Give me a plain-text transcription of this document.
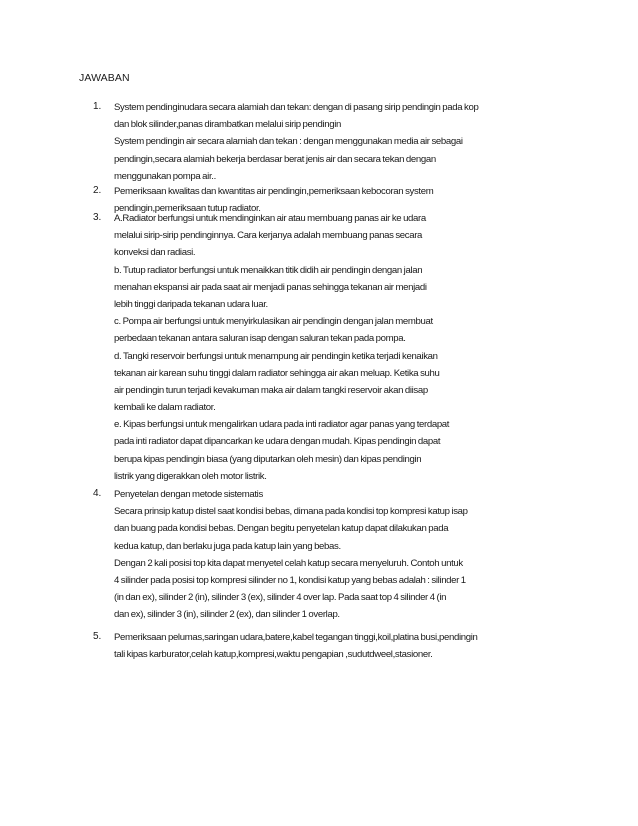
JAWABAN
1. System pendinginudara secara alamiah dan tekan: dengan di pasang sirip pendingin pada kop
dan blok silinder,panas dirambatkan melalui sirip pendingin
System pendingin air secara alamiah dan tekan : dengan menggunakan media air sebagai
pendingin,secara alamiah bekerja berdasar berat jenis air dan secara tekan dengan
menggunakan pompa air..
2. Pemeriksaan kwalitas dan kwantitas air pendingin,pemeriksaan kebocoran system
pendingin,pemeriksaan tutup radiator.
3. A.Radiator berfungsi untuk mendinginkan air atau membuang panas air ke udara
melalui sirip-sirip pendinginnya. Cara kerjanya adalah membuang panas secara
konveksi dan radiasi.
b. Tutup radiator berfungsi untuk menaikkan titik didih air pendingin dengan jalan
menahan ekspansi air pada saat air menjadi panas sehingga tekanan air menjadi
lebih tinggi daripada tekanan udara luar.
c. Pompa air berfungsi untuk menyirkulasikan air pendingin dengan jalan membuat
perbedaan tekanan antara saluran isap dengan saluran tekan pada pompa.
d. Tangki reservoir berfungsi untuk menampung air pendingin ketika terjadi kenaikan
tekanan air karean suhu tinggi dalam radiator sehingga air akan meluap. Ketika suhu
air pendingin turun terjadi kevakuman maka air dalam tangki reservoir akan diisap
kembali ke dalam radiator.
e. Kipas berfungsi untuk mengalirkan udara pada inti radiator agar panas yang terdapat
pada inti radiator dapat dipancarkan ke udara dengan mudah. Kipas pendingin dapat
berupa kipas pendingin biasa (yang diputarkan oleh mesin) dan kipas pendingin
listrik yang digerakkan oleh motor listrik.
4. Penyetelan dengan metode sistematis
Secara prinsip katup distel saat kondisi bebas, dimana pada kondisi top kompresi katup isap
dan buang pada kondisi bebas. Dengan begitu penyetelan katup dapat dilakukan pada
kedua katup, dan berlaku juga pada katup lain yang bebas.
Dengan 2 kali posisi top kita dapat menyetel celah katup secara menyeluruh. Contoh untuk
4 silinder pada posisi top kompresi silinder no 1, kondisi katup yang bebas adalah : silinder 1
(in dan ex), silinder 2 (in), silinder 3 (ex), silinder 4 over lap. Pada saat top 4 silinder 4 (in
dan ex), silinder 3 (in), silinder 2 (ex), dan silinder 1 overlap.
5. Pemeriksaan pelumas,saringan udara,batere,kabel tegangan tinggi,koil,platina busi,pendingin
tali kipas karburator,celah katup,kompresi,waktu pengapian ,sudutdweel,stasioner.
